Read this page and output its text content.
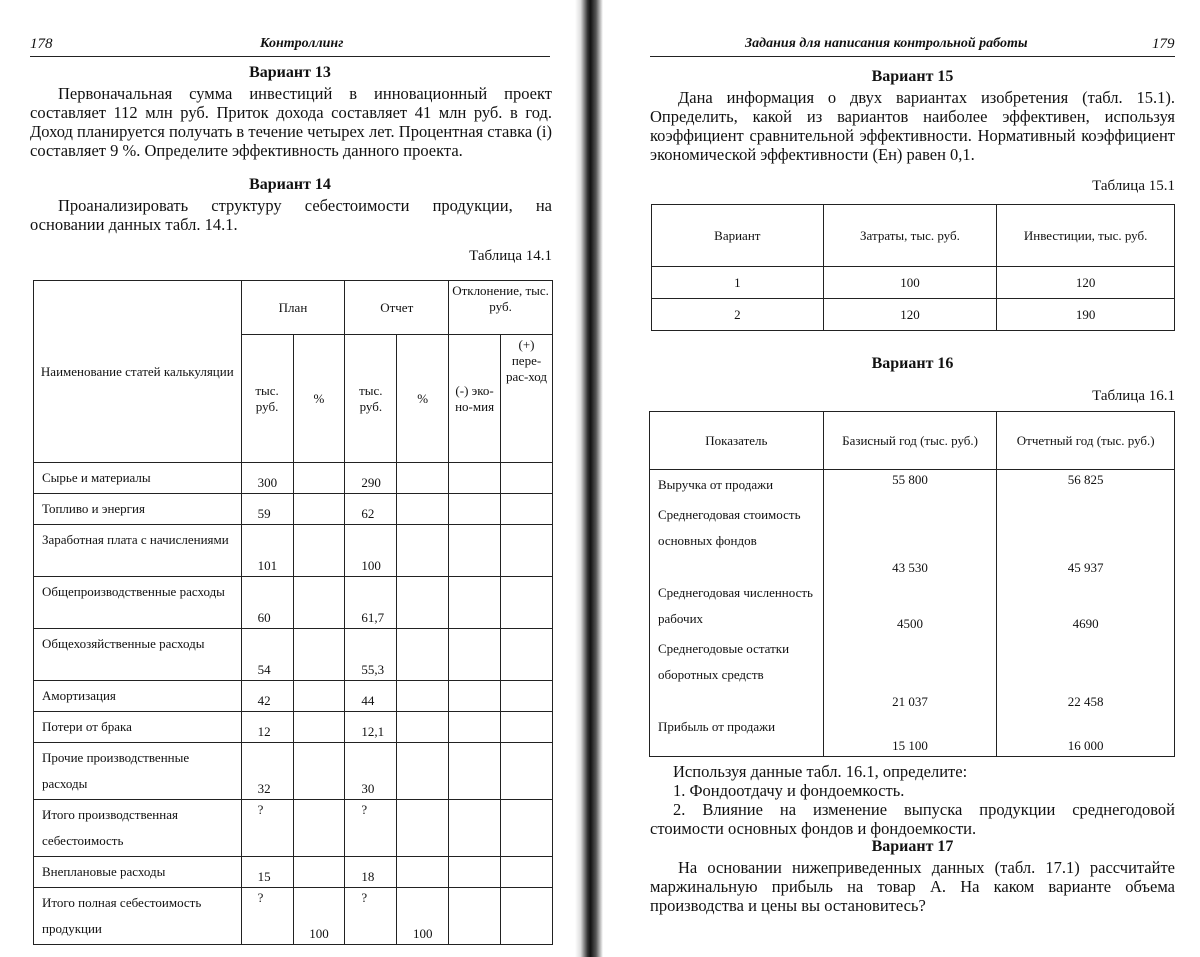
178	Контроллинг
Вариант 13

Первоначальная сумма инвестиций в инновационный проект составляет 112 млн руб. Приток дохода составляет 41 млн руб. в год. Доход планируется получать в течение четырех лет. Процентная ставка (i) составляет 9 %. Определите эффективность данного проекта.

Вариант 14

Проанализировать структуру себестоимости продукции, на основании данных табл. 14.1.

Таблица 14.1
Наименование статей калькуляции	План		Отчет		Отклонение, тыс. руб.	
	тыс. руб.	%	тыс. руб.	%	(-) эко-но-мия	(+) пере-рас-ход
Сырье и материалы	300		290			
Топливо и энергия	59		62			
Заработная плата с начислениями	101		100			
Общепроизводственные расходы	60		61,7			
Общехозяйственные расходы	54		55,3			
Амортизация	42		44			
Потери от брака	12		12,1			
Прочие производственные расходы	32		30			
Итого производственная себестоимость	?		?			
Внеплановые расходы	15		18			
Итого полная себестоимость продукции	?	100	?	100		
Задания для написания контрольной работы	179
Вариант 15

Дана информация о двух вариантах изобретения (табл. 15.1). Определить, какой из вариантов наиболее эффективен, используя коэффициент сравнительной эффективности. Нормативный коэффициент экономической эффективности (Ен) равен 0,1.

Таблица 15.1
Вариант	Затраты, тыс. руб.	Инвестиции, тыс. руб.
1	100	120
2	120	190
Вариант 16
Таблица 16.1
Показатель	Базисный год (тыс. руб.)	Отчетный год (тыс. руб.)
Выручка от продажи	55 800	56 825
Среднегодовая стоимость основных фондов	43 530	45 937
Среднегодовая численность рабочих	4500	4690
Среднегодовые остатки оборотных средств	21 037	22 458
Прибыль от продажи	15 100	16 000

Используя данные табл. 16.1, определите:

1. Фондоотдачу и фондоемкость.

2. Влияние на изменение выпуска продукции среднегодовой стоимости основных фондов и фондоемкости.

Вариант 17

На основании нижеприведенных данных (табл. 17.1) рассчитайте маржинальную прибыль на товар А. На каком варианте объема производства и цены вы остановитесь?
